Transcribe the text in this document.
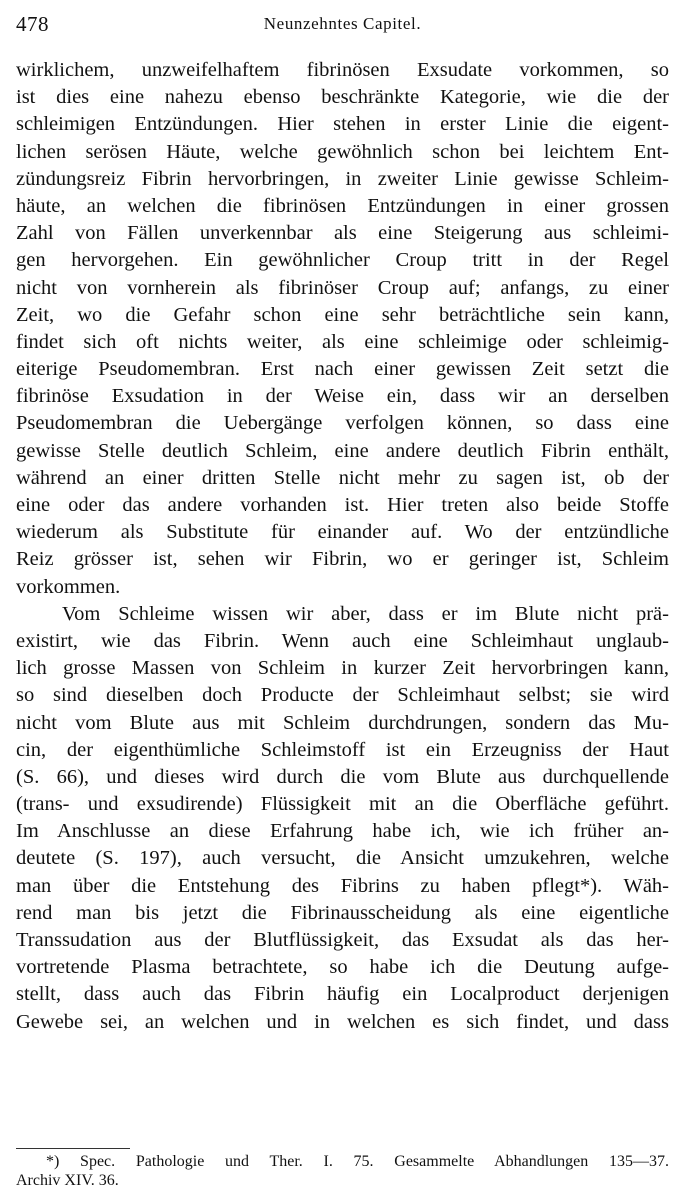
478	Neunzehntes Capitel.
wirklichem, unzweifelhaftem fibrinösen Exsudate vorkommen, so
ist dies eine nahezu ebenso beschränkte Kategorie, wie die der
schleimigen Entzündungen. Hier stehen in erster Linie die eigent-
lichen serösen Häute, welche gewöhnlich schon bei leichtem Ent-
zündungsreiz Fibrin hervorbringen, in zweiter Linie gewisse Schleim-
häute, an welchen die fibrinösen Entzündungen in einer grossen
Zahl von Fällen unverkennbar als eine Steigerung aus schleimi-
gen hervorgehen. Ein gewöhnlicher Croup tritt in der Regel
nicht von vornherein als fibrinöser Croup auf; anfangs, zu einer
Zeit, wo die Gefahr schon eine sehr beträchtliche sein kann,
findet sich oft nichts weiter, als eine schleimige oder schleimig-
eiterige Pseudomembran. Erst nach einer gewissen Zeit setzt die
fibrinöse Exsudation in der Weise ein, dass wir an derselben
Pseudomembran die Uebergänge verfolgen können, so dass eine
gewisse Stelle deutlich Schleim, eine andere deutlich Fibrin enthält,
während an einer dritten Stelle nicht mehr zu sagen ist, ob der
eine oder das andere vorhanden ist. Hier treten also beide Stoffe
wiederum als Substitute für einander auf. Wo der entzündliche
Reiz grösser ist, sehen wir Fibrin, wo er geringer ist, Schleim
vorkommen.
Vom Schleime wissen wir aber, dass er im Blute nicht prä-
existirt, wie das Fibrin. Wenn auch eine Schleimhaut unglaub-
lich grosse Massen von Schleim in kurzer Zeit hervorbringen kann,
so sind dieselben doch Producte der Schleimhaut selbst; sie wird
nicht vom Blute aus mit Schleim durchdrungen, sondern das Mu-
cin, der eigenthümliche Schleimstoff ist ein Erzeugniss der Haut
(S. 66), und dieses wird durch die vom Blute aus durchquellende
(trans- und exsudirende) Flüssigkeit mit an die Oberfläche geführt.
Im Anschlusse an diese Erfahrung habe ich, wie ich früher an-
deutete (S. 197), auch versucht, die Ansicht umzukehren, welche
man über die Entstehung des Fibrins zu haben pflegt*). Wäh-
rend man bis jetzt die Fibrinausscheidung als eine eigentliche
Transsudation aus der Blutflüssigkeit, das Exsudat als das her-
vortretende Plasma betrachtete, so habe ich die Deutung aufge-
stellt, dass auch das Fibrin häufig ein Localproduct derjenigen
Gewebe sei, an welchen und in welchen es sich findet, und dass
*) Spec. Pathologie und Ther. I. 75. Gesammelte Abhandlungen 135—37.
Archiv XIV. 36.
